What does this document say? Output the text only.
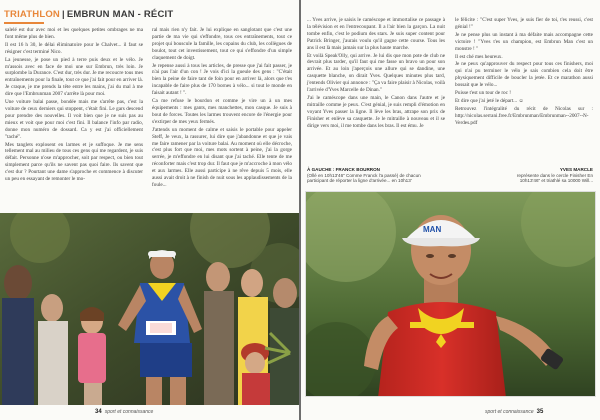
TRIATHLON | EMBRUN MAN - RÉCIT

salelé est dur avec moi et les quelques petites ombrages ne ma font même plus de bien.

Il est 16 h 30, le délai éliminatoire pour le Chalvet... il faut se résigner c'est terminé Nico.

La jeunesse, je pose un pied à terre puis deux et le vélo. Je m'assois avec en face de moi une sur Embrun, très loin. Je surplombe la Durance. C'est dur, très dur. Je me recoucre tous mes entraînements pour la finale, tout ce que j'ai fait pour en arriver là. Je craque, je me prends la tête entre les mains, j'ai du mal à me dire que l'Embrunman 2007 s'arrête là pour moi.

Une voiture balai passe, bondée mais me s'arrête pas, c'est la voiture de ceux derniers qui stoppent, c'était fini. Le gars descend pour prendre des nouvelles. Il voit bien que je ne suis pas au mieux et voit que pour moi c'est fini. Il balance l'info par radio, donne mon numéro de dossard. Ca y est j'ai officiellement "taché".

Mes tanglets explosent en larmes et je suffoque. Je me sens tellement mal au milieu de tous ces gens qui me regardent, je suis défait. Personne n'ose m'approcher, soit par respect, ou bien tout simplement parce qu'ils ne savent pas quoi faire. Ils savent que c'est dur ? Pourtant une dame s'approche et commence à discuter un peu en essayant de remonter le mo-

ral mais rien n'y fait. Je lui explique en sanglotant que c'est une partie de ma vie qui s'effondre, tous ces entraînements, tout ce projet qui bouscule la famille, les copains du club, les collègues de boulot, tout cet investissement, tout ce qui s'effondre d'un simple claquement de doigt.

Je repense aussi à tous les articles, de presse que j'ai fait passer, je n'ai pas l'air d'un con ! Je vois d'ici la gueule des gens : "C'était bien la peine de faire tant de foin pour en arriver là, alors que t'es incapable de faire plus de 170 bornes à vélo... si tout le monde en faisait autant ! ".

Ca me refuse le bourdon et comme je vire un à un mes équipements : mes gants, mes manchettes, mon casque. Je suis à bout de forces. Toutes les larmes trouvent encore de l'énergie pour s'extirper de mes yeux fermés.

J'attends un moment de calme et saisis le portable pour appeler Steff, Je veux, la rassurer, lui dire que j'abandonne et que je vais me faire ramener par la voiture balai. Au moment où elle décroche, c'est plus fort que moi, mes mots sortent à peine, j'ai la gorge serrée, je m'effondre en lui disant que j'ai taché. Elle tente de me réconforter mais c'est trop dur. Il faut que je m'accroche à mon vélo et aux larmes. Elle aussi participe à ne rêve depuis 5 mois, elle aussi avait droit à ne finish de nuit sous les applaudissements de la foule...

34 sport et connaissance

... Yves arrive, je saisis le caméscope et immortalise ce passage à la télévision et en l'entrecoupant. Il a l'air bien la garçon. La nuit tombe enfin, c'est le podium des stars. Je suis super content pour Patrick Bringer, j'aurais voulu qu'il gagne cette course. Tous les ans il est là mais jamais sur la plus haute marche.

Et voilà Speak'Olly, qui arrive. Je lui dis que mon pote de club ne devrait plus tarder, qu'il faut qui me fasse un bravo un pour son arrivée. Et au loin j'aperçois une allure qui se dandine, une casquette blanche, on dirait Yves. Quelques minutes plus tard, j'entends Olivier qui annonce : "Ça va faire plaisir à Nicolas, voilà l'arrivée d'Yves Marcelle de Dinan."

J'ai le caméscope dans une main, le Canon dans l'autre et je mitraille comme je peux. C'est génial, je suis rempli d'émotion en voyant Yves passer la ligne. Il lève les bras, attrape son prix de Finisher et enlève sa casquette. Je le mitraille à nouveau et il se dirige vers moi, il me tombe dans les bras. Il est ému. Je

le félicite : "C'est super Yves, je suis fier de toi, t'es reussi, c'est génial !"

Je ne pense plus un instant à ma défaite mais accompagne cette victoire ! "Yves t'es un champion, est Embrun Man c'est un monstre ! "

Il est ché mes heureux.

Je ne peux qu'approuver du respect pour tous ces finishers, moi qui n'ai pu terminer le vélo je sais combien cela doit être physiquement difficile de boucler la jetée. Et ce marathon aussi bossait que le vélo...

Puisse t'est un tour de roc !

Et dire que j'ai jeté le départ... ☺

Retrouvez l'intégralité du récit de Nicolas sur : http://nicolas.serrani.free.fr/Embrunman/Embrunman--2007--N-Verdes.pdf

À GAUCHE : FRANCK BOURRON
(Ollé en 10h13'46" Comme Franck l'a passé) de chacun participant de réporter la ligne d'arrivée... en 10h13'
YVES MARCLE
représente dans le cercle Finisher En 10h13'46" et triathlé sa 10000 Will...
MAN
sport et connaissance 35
